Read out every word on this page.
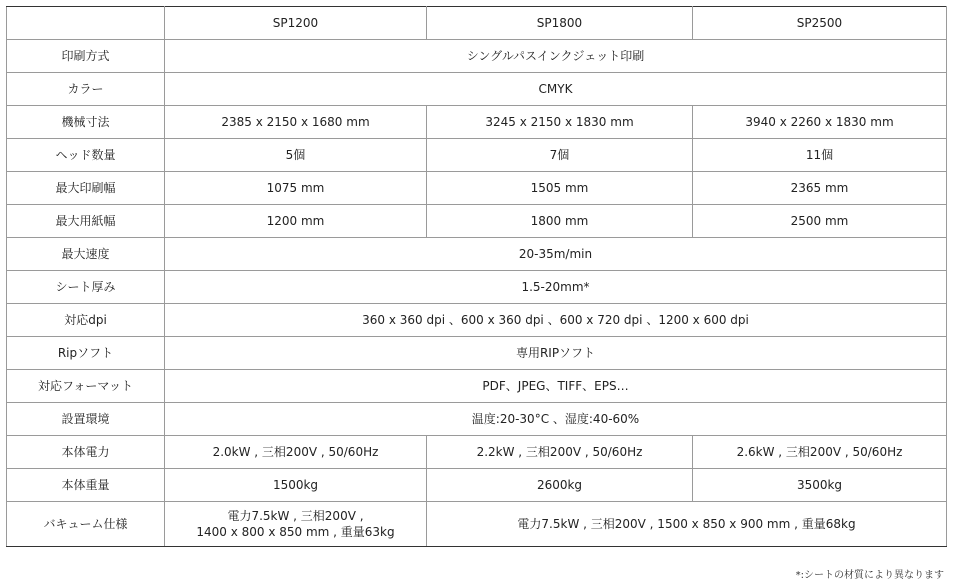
	SP1200	SP1800	SP2500
印刷方式	シングルパスインクジェット印刷		
カラー	CMYK		
機械寸法	2385 x 2150 x 1680 mm	3245 x 2150 x 1830 mm	3940 x 2260 x 1830 mm
ヘッド数量	5個	7個	11個
最大印刷幅	1075 mm	1505 mm	2365 mm
最大用紙幅	1200 mm	1800 mm	2500 mm
最大速度	20-35m/min		
シート厚み	1.5-20mm*		
対応dpi	360 x 360 dpi 、600 x 360 dpi 、600 x 720 dpi 、1200 x 600 dpi		
Ripソフト	専用RIPソフト		
対応フォーマット	PDF、JPEG、TIFF、EPS…		
設置環境	温度:20-30°C 、湿度:40-60%		
本体電力	2.0kW , 三相200V , 50/60Hz	2.2kW , 三相200V , 50/60Hz	2.6kW , 三相200V , 50/60Hz
本体重量	1500kg	2600kg	3500kg
バキューム仕様	電力7.5kW , 三相200V ,
1400 x 800 x 850 mm , 重量63kg	電力7.5kW , 三相200V , 1500 x 850 x 900 mm , 重量68kg	
*:シートの材質により異なります
